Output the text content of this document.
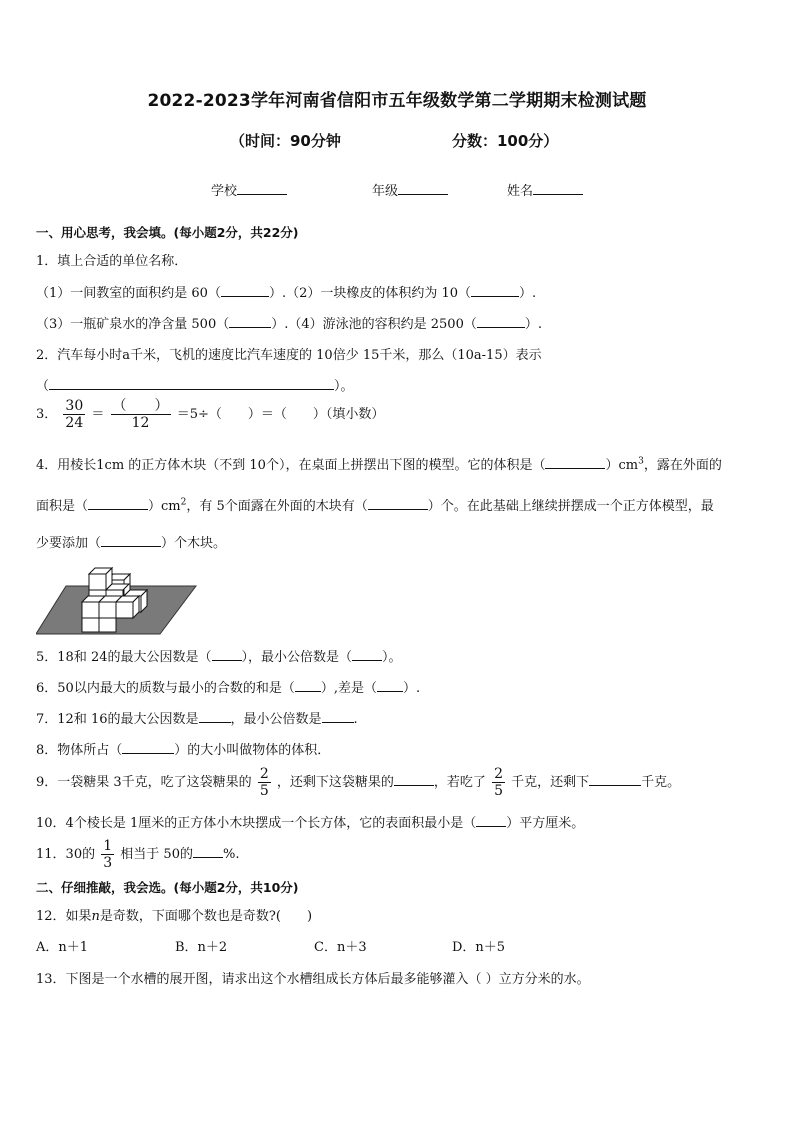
2022-2023学年河南省信阳市五年级数学第二学期期末检测试题
（时间：90分钟	分数：100分）
学校	年级	姓名
一、用心思考，我会填。(每小题2分，共22分)
1．填上合适的单位名称．
（1）一间教室的面积约是 60（	）.（2）一块橡皮的体积约为 10（	）.
（3）一瓶矿泉水的净含量 500（	）.（4）游泳池的容积约是 2500（	）.
2．汽车每小时a千米，飞机的速度比汽车速度的 10倍少 15千米，那么（10a-15）表示
（	）。
3． $\frac{30}{24} = \frac{( )}{12} =5\div$（　　）＝（　　）（填小数）
4．用棱长1cm 的正方体木块（不到 10个），在桌面上拼摆出下图的模型。它的体积是（	）$cm^3$，露在外面的
面积是（	）$cm^2$，有 5个面露在外面的木块有（	）个。在此基础上继续拼摆成一个正方体模型，最
少要添加（	）个木块。
5．18和 24的最大公因数是（ ），最小公倍数是（ ）。
6．50以内最大的质数与最小的合数的和是（ ）,差是（ ）.
7．12和 16的最大公因数是 ，最小公倍数是 .
8．物体所占（	）的大小叫做物体的体积．
9．一袋糖果 3千克，吃了这袋糖果的 $\frac{2}{5}$ ，还剩下这袋糖果的	，若吃了 $\frac{2}{5}$ 千克，还剩下	千克。
10．4个棱长是 1厘米的正方体小木块摆成一个长方体，它的表面积最小是（ ）平方厘米。
11．30的 $\frac{1}{3}$ 相当于 50的 %.
二、仔细推敲，我会选。(每小题2分，共10分)
12．如果n是奇数，下面哪个数也是奇数?(　　)
A．n＋1	B．n＋2	C．n＋3	D．n＋5
13．下图是一个水槽的展开图，请求出这个水槽组成长方体后最多能够灌入（ ）立方分米的水。
